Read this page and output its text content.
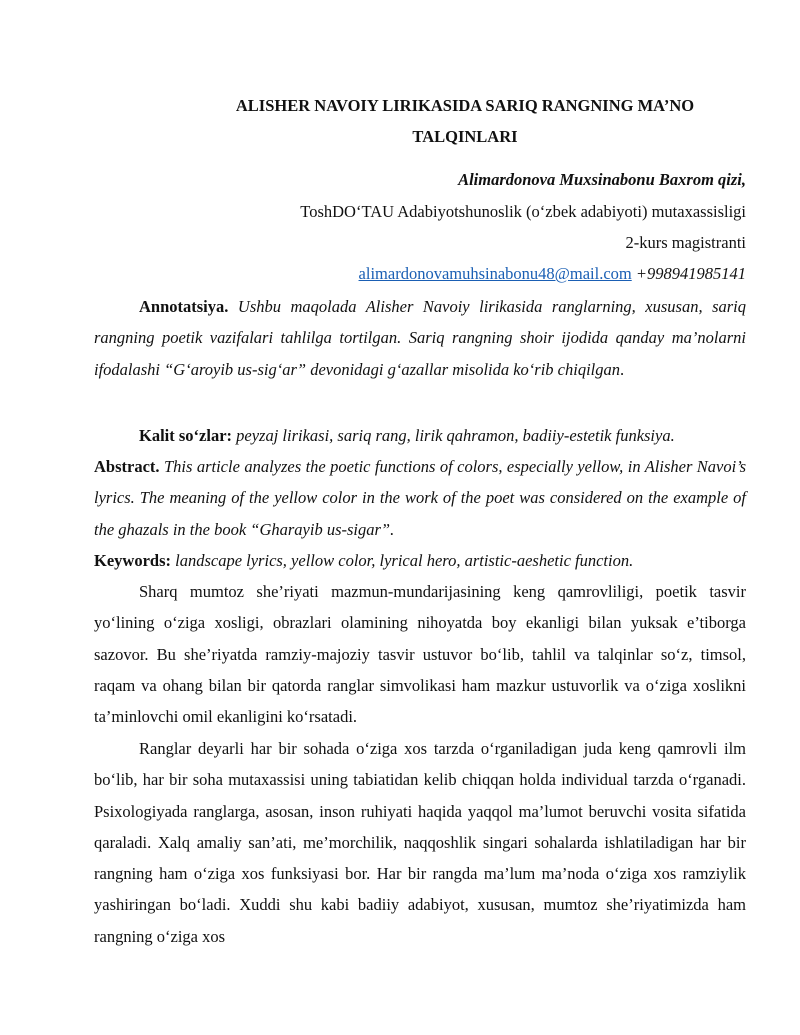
ALISHER NAVOIY LIRIKASIDA SARIQ RANGNING MA’NO
TALQINLARI
Alimardonova Muxsinabonu Baxrom qizi,
ToshDO‘TAU Adabiyotshunoslik (o‘zbek adabiyoti) mutaxassisligi
2-kurs magistranti
alimardonovamuhsinabonu48@mail.com +998941985141
Annotatsiya. Ushbu maqolada Alisher Navoiy lirikasida ranglarning, xususan, sariq rangning poetik vazifalari tahlilga tortilgan. Sariq rangning shoir ijodida qanday ma’nolarni ifodalashi “G‘aroyib us-sig‘ar” devonidagi g‘azallar misolida ko‘rib chiqilgan.
Kalit so‘zlar: peyzaj lirikasi, sariq rang, lirik qahramon, badiiy-estetik funksiya.
Abstract. This article analyzes the poetic functions of colors, especially yellow, in Alisher Navoi’s lyrics. The meaning of the yellow color in the work of the poet was considered on the example of the ghazals in the book “Gharayib us-sigar”.
Keywords: landscape lyrics, yellow color, lyrical hero, artistic-aeshetic function.
Sharq mumtoz she’riyati mazmun-mundarijasining keng qamrovliligi, poetik tasvir yo‘lining o‘ziga xosligi, obrazlari olamining nihoyatda boy ekanligi bilan yuksak e’tiborga sazovor. Bu she’riyatda ramziy-majoziy tasvir ustuvor bo‘lib, tahlil va talqinlar so‘z, timsol, raqam va ohang bilan bir qatorda ranglar simvolikasi ham mazkur ustuvorlik va o‘ziga xoslikni ta’minlovchi omil ekanligini ko‘rsatadi.
Ranglar deyarli har bir sohada o‘ziga xos tarzda o‘rganiladigan juda keng qamrovli ilm bo‘lib, har bir soha mutaxassisi uning tabiatidan kelib chiqqan holda individual tarzda o‘rganadi. Psixologiyada ranglarga, asosan, inson ruhiyati haqida yaqqol ma’lumot beruvchi vosita sifatida qaraladi. Xalq amaliy san’ati, me’morchilik, naqqoshlik singari sohalarda ishlatiladigan har bir rangning ham o‘ziga xos funksiyasi bor. Har bir rangda ma’lum ma’noda o‘ziga xos ramziylik yashiringan bo‘ladi. Xuddi shu kabi badiiy adabiyot, xususan, mumtoz she’riyatimizda ham rangning o‘ziga xos
